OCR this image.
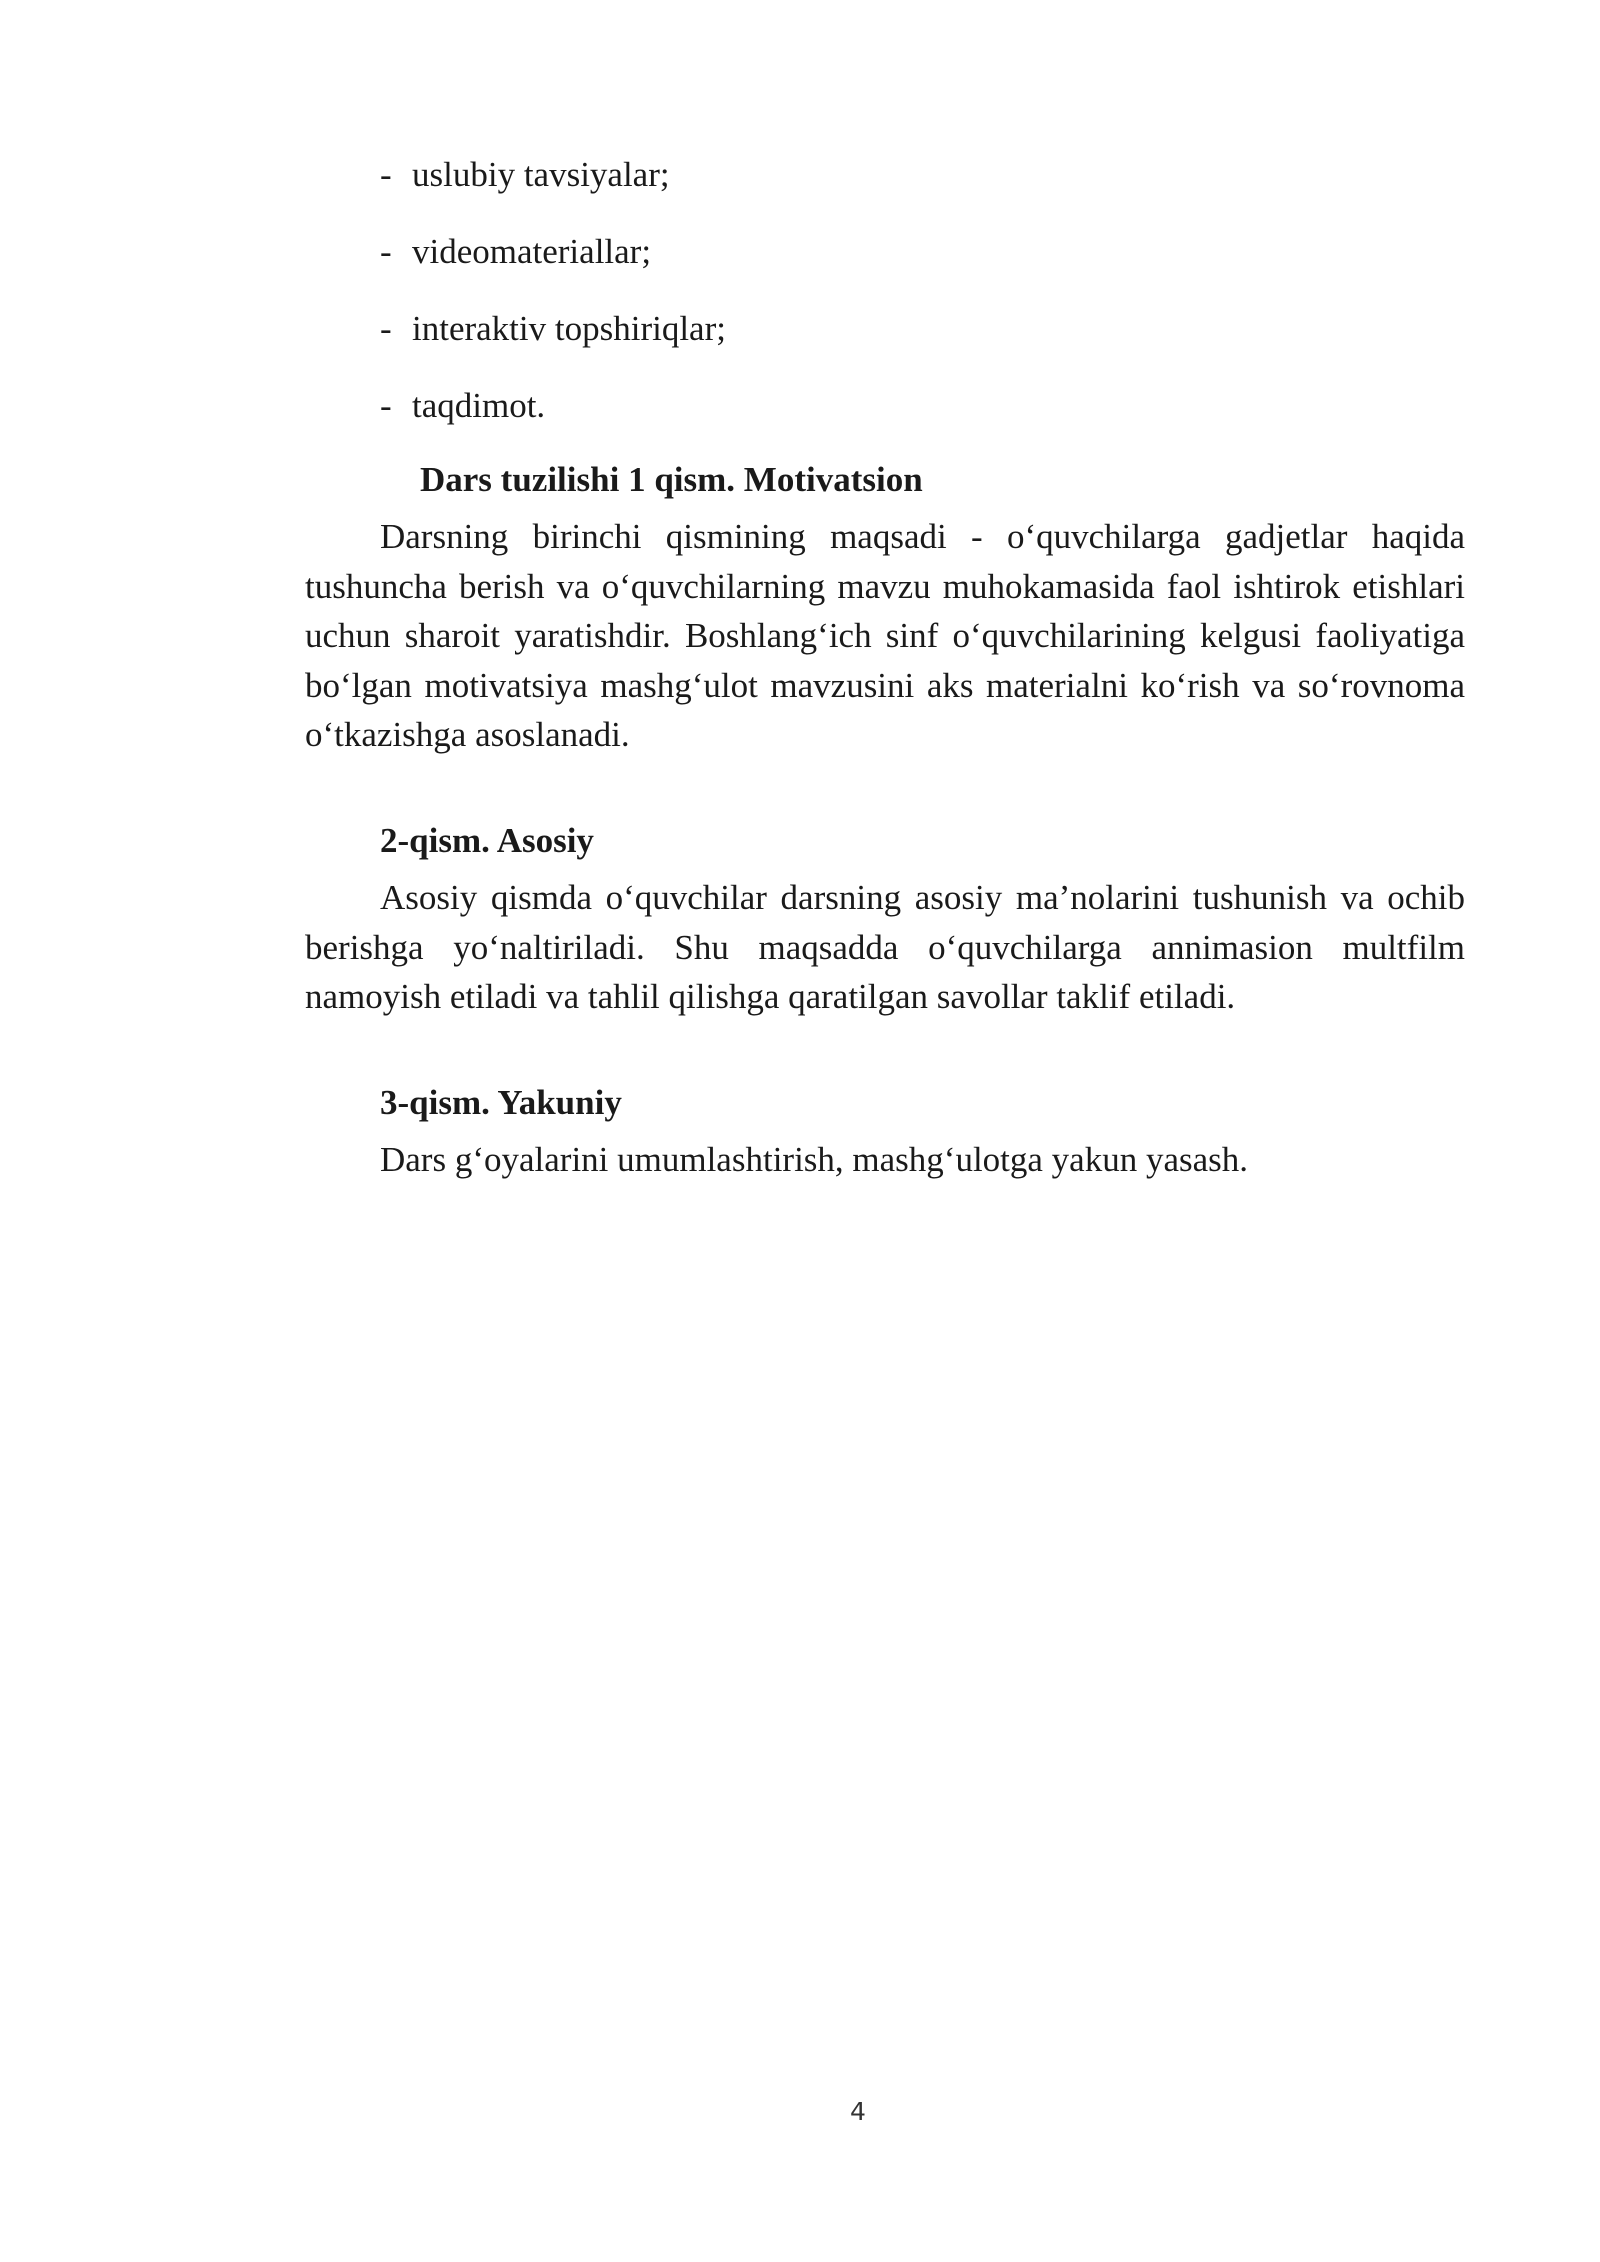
- uslubiy tavsiyalar;
- videomateriallar;
- interaktiv topshiriqlar;
- taqdimot.
Dars tuzilishi 1 qism. Motivatsion

Darsning birinchi qismining maqsadi - o‘quvchilarga gadjetlar haqida tushuncha berish va o‘quvchilarning mavzu muhokamasida faol ishtirok etishlari uchun sharoit yaratishdir. Boshlang‘ich sinf o‘quvchilarining kelgusi faoliyatiga bo‘lgan motivatsiya mashg‘ulot mavzusini aks materialni ko‘rish va so‘rovnoma o‘tkazishga asoslanadi.

2-qism. Asosiy

Asosiy qismda o‘quvchilar darsning asosiy ma’nolarini tushunish va ochib berishga yo‘naltiriladi. Shu maqsadda o‘quvchilarga annimasion multfilm namoyish etiladi va tahlil qilishga qaratilgan savollar taklif etiladi.

3-qism. Yakuniy

Dars g‘oyalarini umumlashtirish, mashg‘ulotga yakun yasash.

4
